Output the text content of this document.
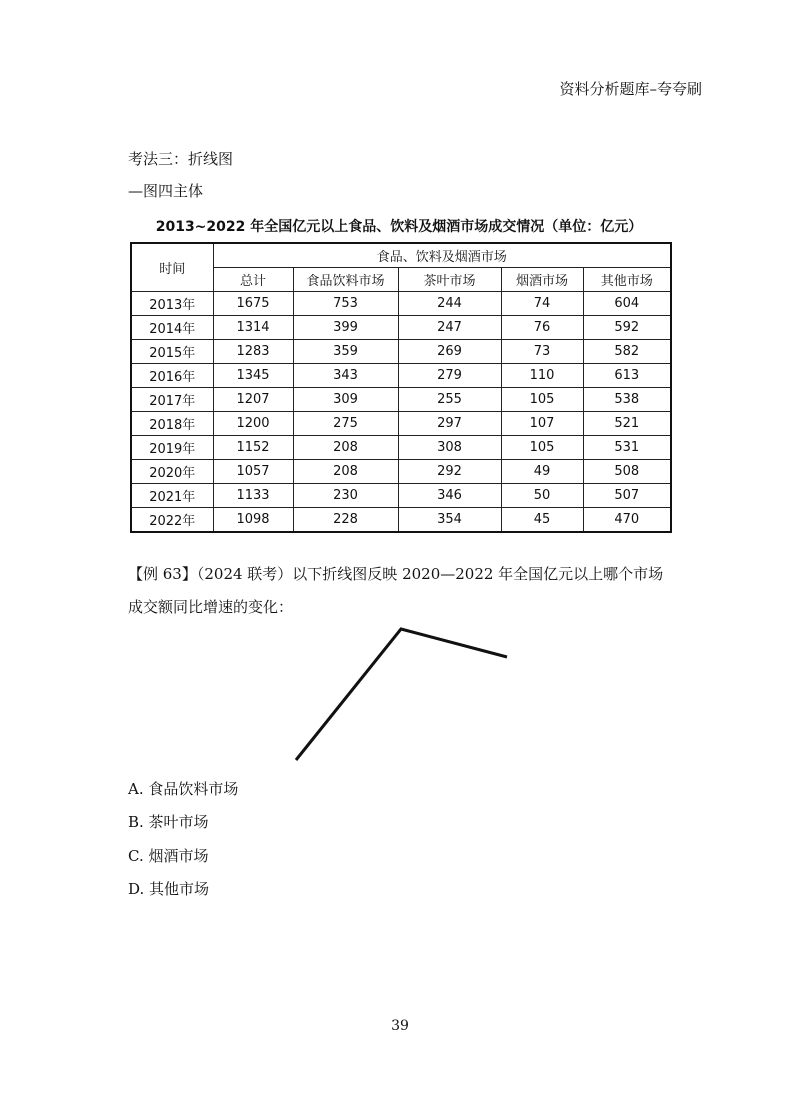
资料分析题库–夸夸刷
考法三：折线图
—图四主体
2013~2022 年全国亿元以上食品、饮料及烟酒市场成交情况（单位：亿元）
时间	食品、饮料及烟酒市场				
	总计	食品饮料市场	茶叶市场	烟酒市场	其他市场
2013年	1675	753	244	74	604
2014年	1314	399	247	76	592
2015年	1283	359	269	73	582
2016年	1345	343	279	110	613
2017年	1207	309	255	105	538
2018年	1200	275	297	107	521
2019年	1152	208	308	105	531
2020年	1057	208	292	49	508
2021年	1133	230	346	50	507
2022年	1098	228	354	45	470
【例 63】（2024 联考）以下折线图反映 2020—2022 年全国亿元以上哪个市场成交额同比增速的变化：
A. 食品饮料市场
B. 茶叶市场
C. 烟酒市场
D. 其他市场
39
